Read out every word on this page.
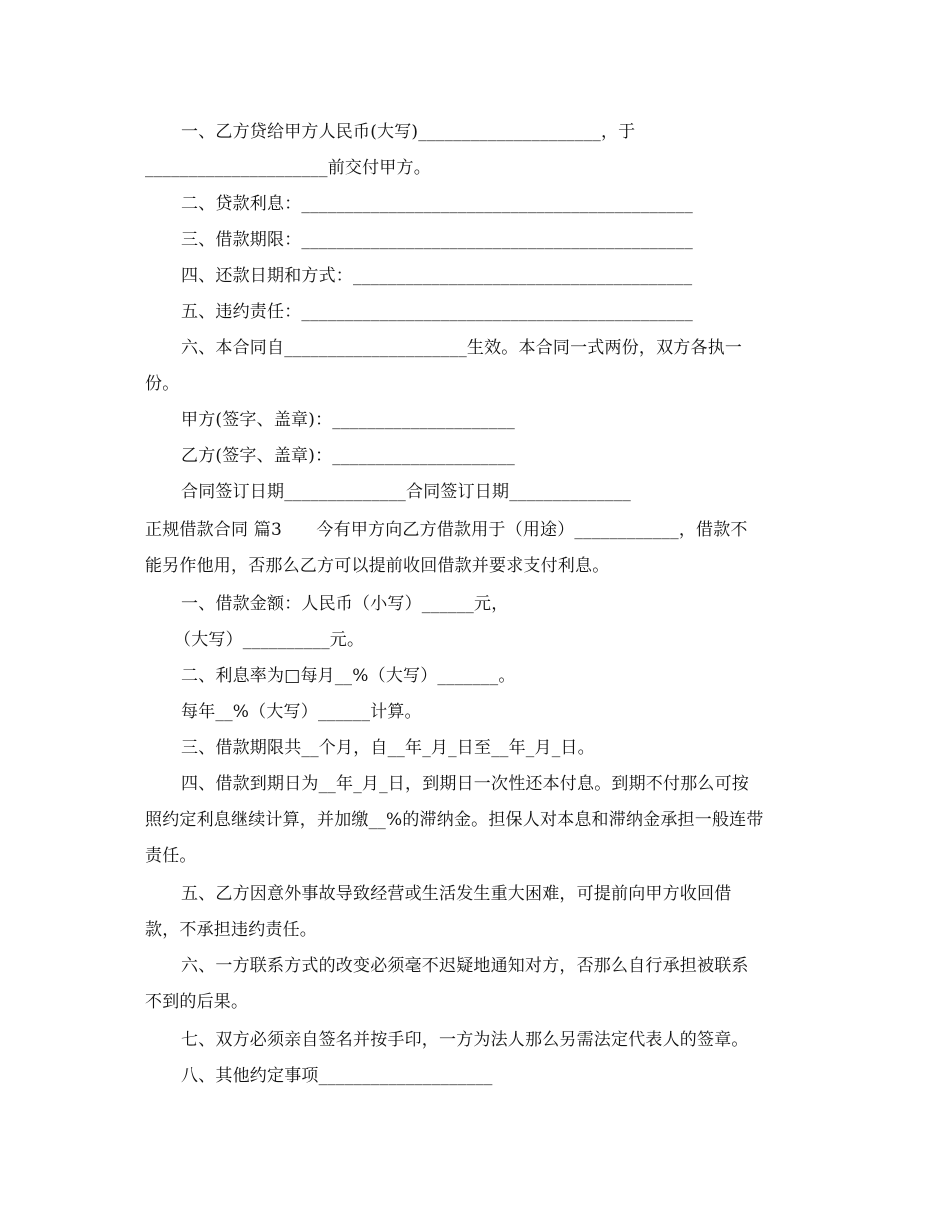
一、乙方贷给甲方人民币(大写)_____________________，于
_____________________前交付甲方。
二、贷款利息：_____________________________________________
三、借款期限：_____________________________________________
四、还款日期和方式：_______________________________________
五、违约责任：_____________________________________________
六、本合同自_____________________生效。本合同一式两份，双方各执一
份。
甲方(签字、盖章)：_____________________
乙方(签字、盖章)：_____________________
合同签订日期______________合同签订日期______________
正规借款合同 篇3　　今有甲方向乙方借款用于（用途）____________，借款不
能另作他用，否那么乙方可以提前收回借款并要求支付利息。
一、借款金额：人民币（小写）______元，
（大写）__________元。
二、利息率为□每月__%（大写）_______。
每年__%（大写）______计算。
三、借款期限共__个月，自__年_月_日至__年_月_日。
四、借款到期日为__年_月_日，到期日一次性还本付息。到期不付那么可按
照约定利息继续计算，并加缴__%的滞纳金。担保人对本息和滞纳金承担一般连带
责任。
五、乙方因意外事故导致经营或生活发生重大困难，可提前向甲方收回借
款，不承担违约责任。
六、一方联系方式的改变必须毫不迟疑地通知对方，否那么自行承担被联系
不到的后果。
七、双方必须亲自签名并按手印，一方为法人那么另需法定代表人的签章。
八、其他约定事项____________________
